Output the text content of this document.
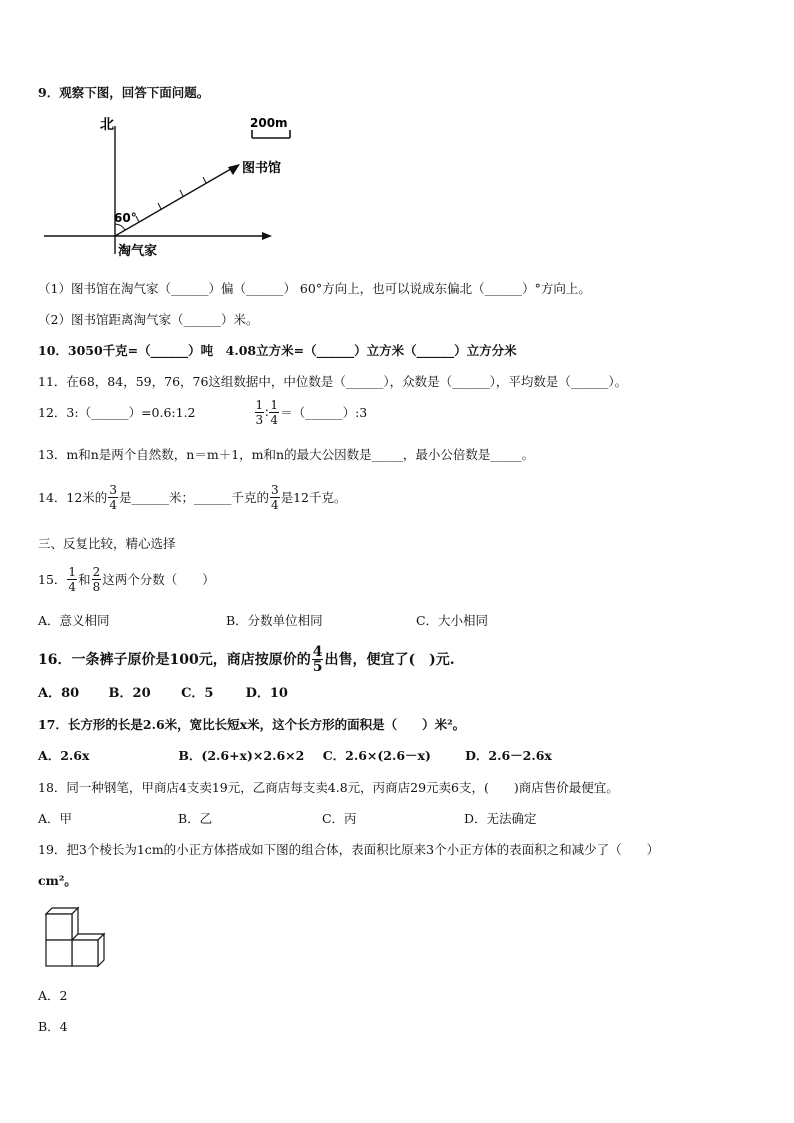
9．观察下图，回答下面问题。
北	200m
图书馆
60°
淘气家
（1）图书馆在淘气家（______）偏（______） 60°方向上，也可以说成东偏北（______）°方向上。
（2）图书馆距离淘气家（______）米。
10．3050千克=（______）吨　4.08立方米=（______）立方米（______）立方分米
11．在68，84，59，76，76这组数据中，中位数是（______），众数是（______），平均数是（______）。
12．3:（______）=0.6:1.2	$\frac{1}{3}$ ∶ $\frac{1}{4}$ ＝（______）:3
13．m和n是两个自然数，n＝m＋1，m和n的最大公因数是_____，最小公倍数是_____。
14．12米的 $\frac{3}{4}$ 是______米；______千克的 $\frac{3}{4}$ 是12千克。
三、反复比较，精心选择
15． $\frac{1}{4}$ 和 $\frac{2}{8}$ 这两个分数（　　）
A．意义相同	B．分数单位相同	C．大小相同
16．一条裤子原价是100元，商店按原价的 $\frac{4}{5}$ 出售，便宜了(　)元.
A．80 B．20 C．5 D．10
17．长方形的长是2.6米，宽比长短x米，这个长方形的面积是（　　）米²。
A．2.6x	B．(2.6+x)×2.6×2 C．2.6×(2.6－x)	D．2.6－2.6x
18．同一种钢笔，甲商店4支卖19元，乙商店每支卖4.8元，丙商店29元卖6支，(　　)商店售价最便宜。
A．甲	B．乙	C．丙	D．无法确定
19．把3个棱长为1cm的小正方体搭成如下图的组合体，表面积比原来3个小正方体的表面积之和减少了（　　）
cm²。
A．2
B．4
